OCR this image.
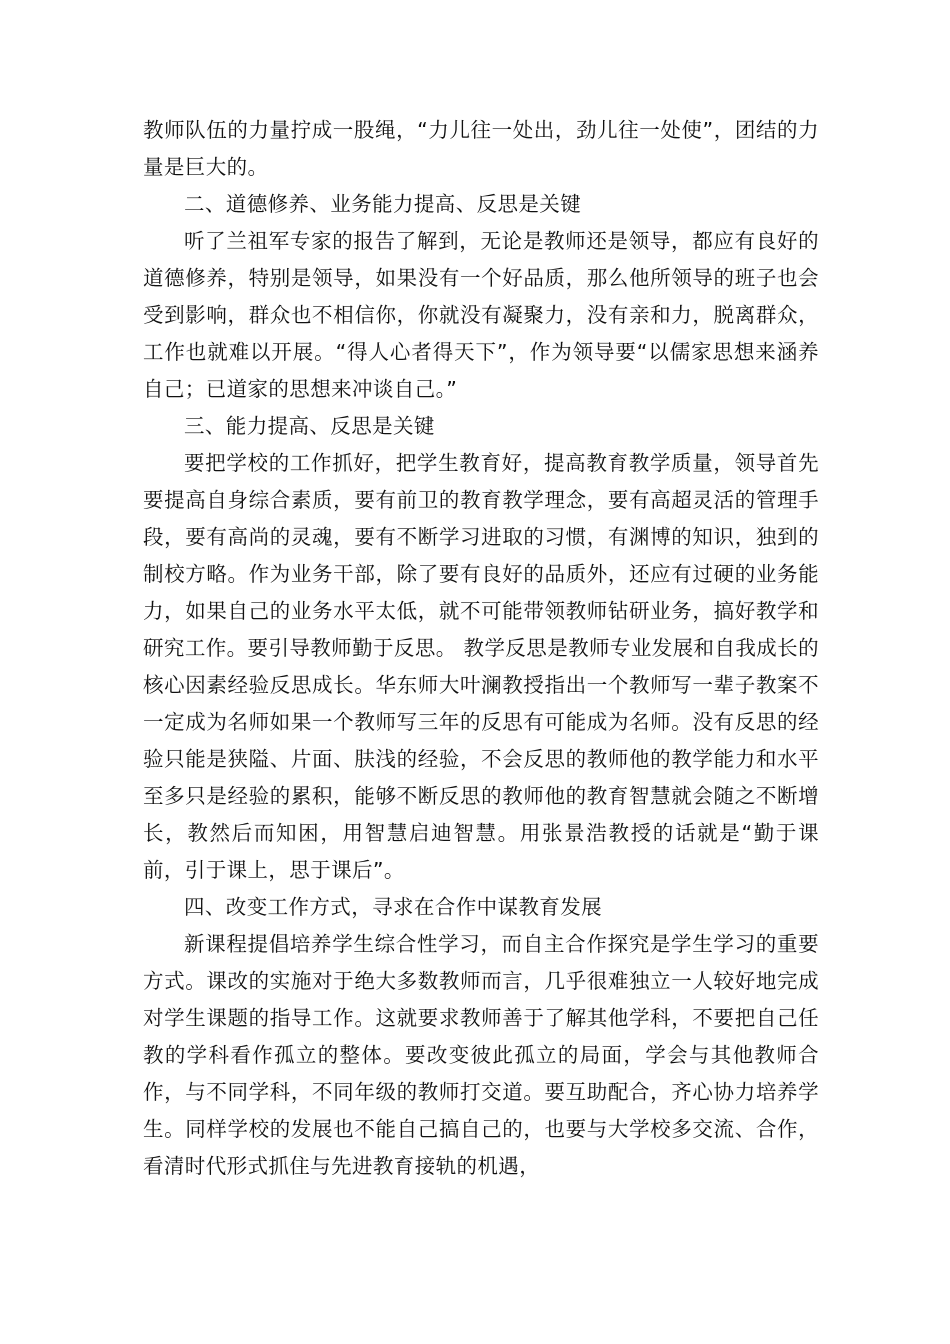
教师队伍的力量拧成一股绳，“力儿往一处出，劲儿往一处使”，团结的力量是巨大的。

二、道德修养、业务能力提高、反思是关键

听了兰祖军专家的报告了解到，无论是教师还是领导，都应有良好的道德修养，特别是领导，如果没有一个好品质，那么他所领导的班子也会受到影响，群众也不相信你，你就没有凝聚力，没有亲和力，脱离群众，工作也就难以开展。“得人心者得天下”，作为领导要“以儒家思想来涵养自己；已道家的思想来冲谈自己。”

三、能力提高、反思是关键

要把学校的工作抓好，把学生教育好，提高教育教学质量，领导首先要提高自身综合素质，要有前卫的教育教学理念，要有高超灵活的管理手段，要有高尚的灵魂，要有不断学习进取的习惯，有渊博的知识，独到的制校方略。作为业务干部，除了要有良好的品质外，还应有过硬的业务能力，如果自己的业务水平太低，就不可能带领教师钻研业务，搞好教学和研究工作。要引导教师勤于反思。 教学反思是教师专业发展和自我成长的核心因素经验反思成长。华东师大叶澜教授指出一个教师写一辈子教案不一定成为名师如果一个教师写三年的反思有可能成为名师。没有反思的经验只能是狭隘、片面、肤浅的经验，不会反思的教师他的教学能力和水平至多只是经验的累积，能够不断反思的教师他的教育智慧就会随之不断增长，教然后而知困，用智慧启迪智慧。用张景浩教授的话就是“勤于课前，引于课上，思于课后”。

四、改变工作方式，寻求在合作中谋教育发展

新课程提倡培养学生综合性学习，而自主合作探究是学生学习的重要方式。课改的实施对于绝大多数教师而言，几乎很难独立一人较好地完成对学生课题的指导工作。这就要求教师善于了解其他学科，不要把自己任教的学科看作孤立的整体。要改变彼此孤立的局面，学会与其他教师合作，与不同学科，不同年级的教师打交道。要互助配合，齐心协力培养学生。同样学校的发展也不能自己搞自己的，也要与大学校多交流、合作，看清时代形式抓住与先进教育接轨的机遇，
